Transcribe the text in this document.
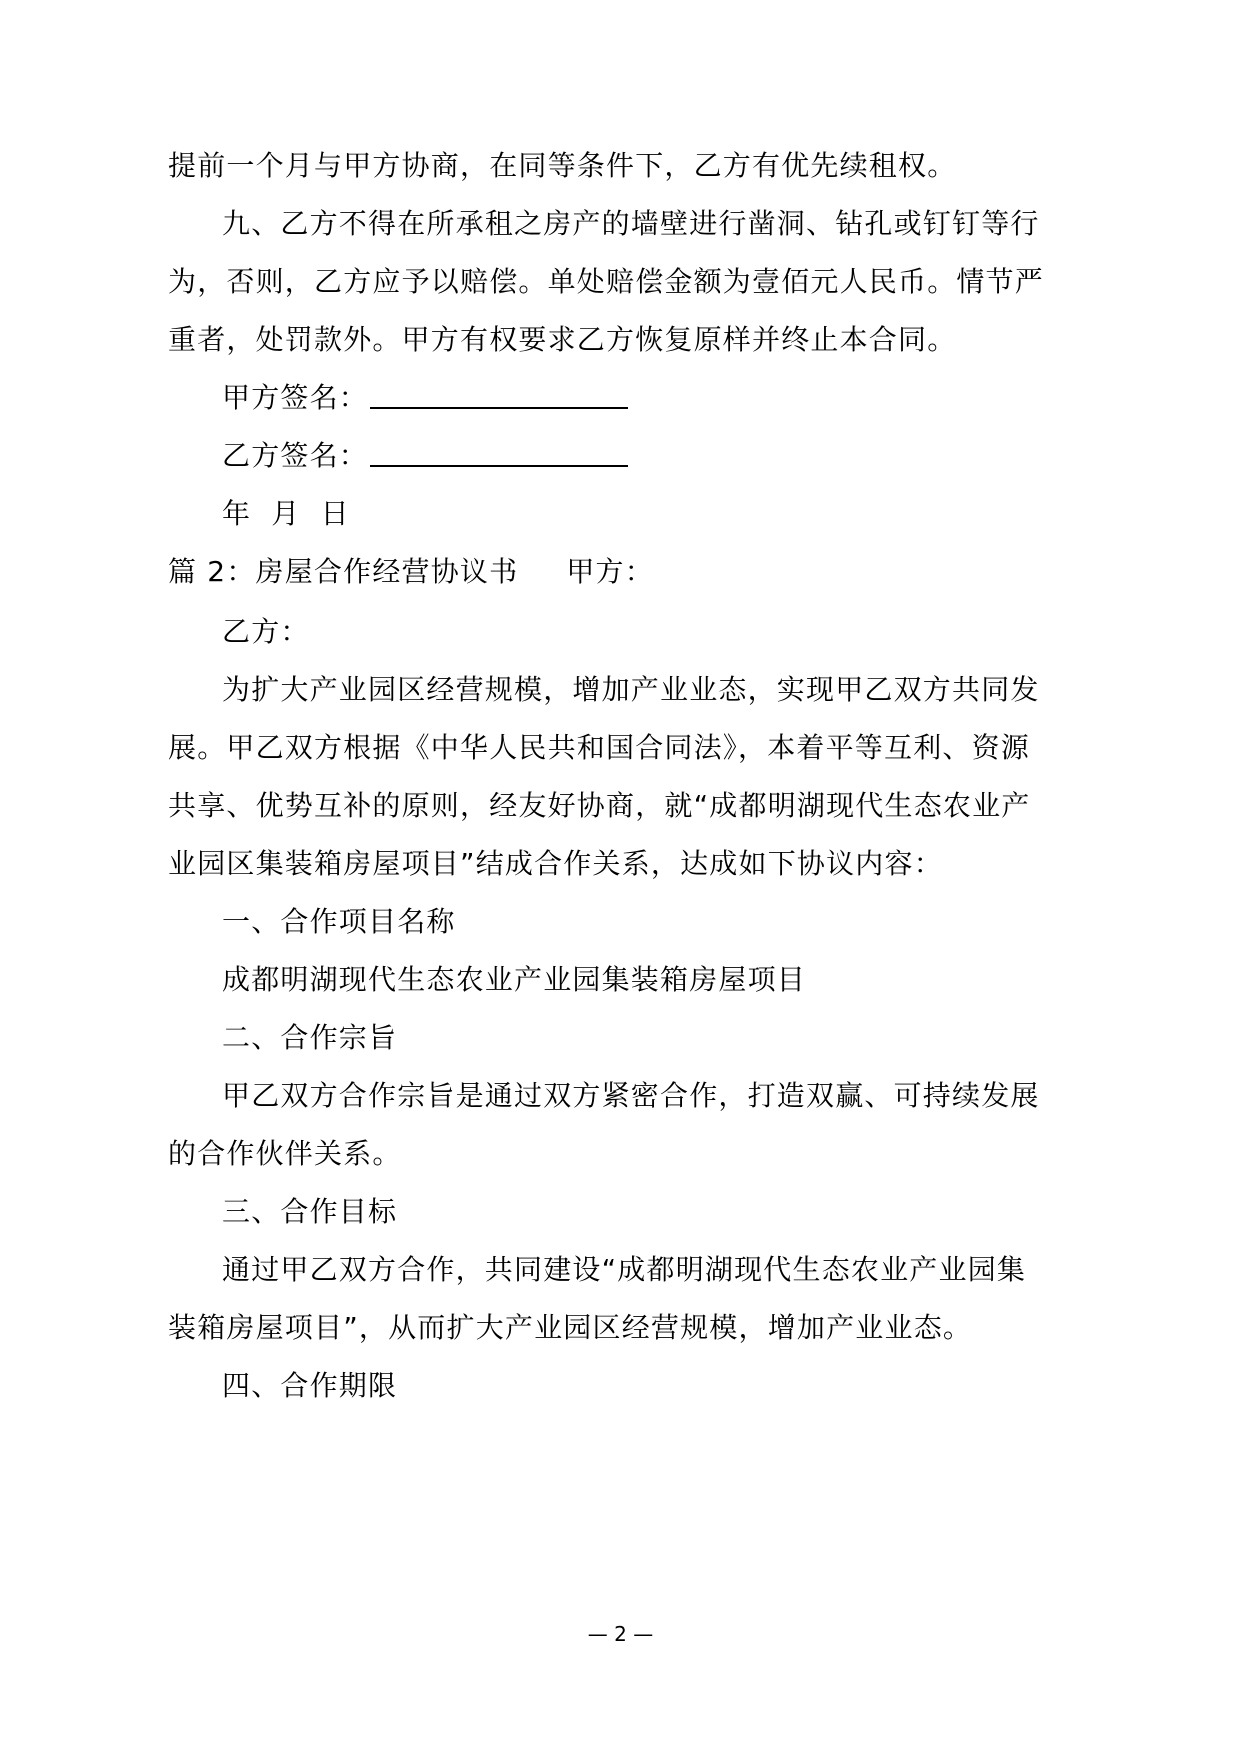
提前一个月与甲方协商，在同等条件下，乙方有优先续租权。
九、乙方不得在所承租之房产的墙壁进行凿洞、钻孔或钉钉等行
为，否则，乙方应予以赔偿。单处赔偿金额为壹佰元人民币。情节严
重者，处罚款外。甲方有权要求乙方恢复原样并终止本合同。
甲方签名：
乙方签名：
年 月 日
篇 2：房屋合作经营协议书 甲方：
乙方：
为扩大产业园区经营规模，增加产业业态，实现甲乙双方共同发
展。甲乙双方根据《中华人民共和国合同法》，本着平等互利、资源
共享、优势互补的原则，经友好协商，就“成都明湖现代生态农业产
业园区集装箱房屋项目”结成合作关系，达成如下协议内容：
一、合作项目名称
成都明湖现代生态农业产业园集装箱房屋项目
二、合作宗旨
甲乙双方合作宗旨是通过双方紧密合作，打造双赢、可持续发展
的合作伙伴关系。
三、合作目标
通过甲乙双方合作，共同建设“成都明湖现代生态农业产业园集
装箱房屋项目”，从而扩大产业园区经营规模，增加产业业态。
四、合作期限
— 2 —
